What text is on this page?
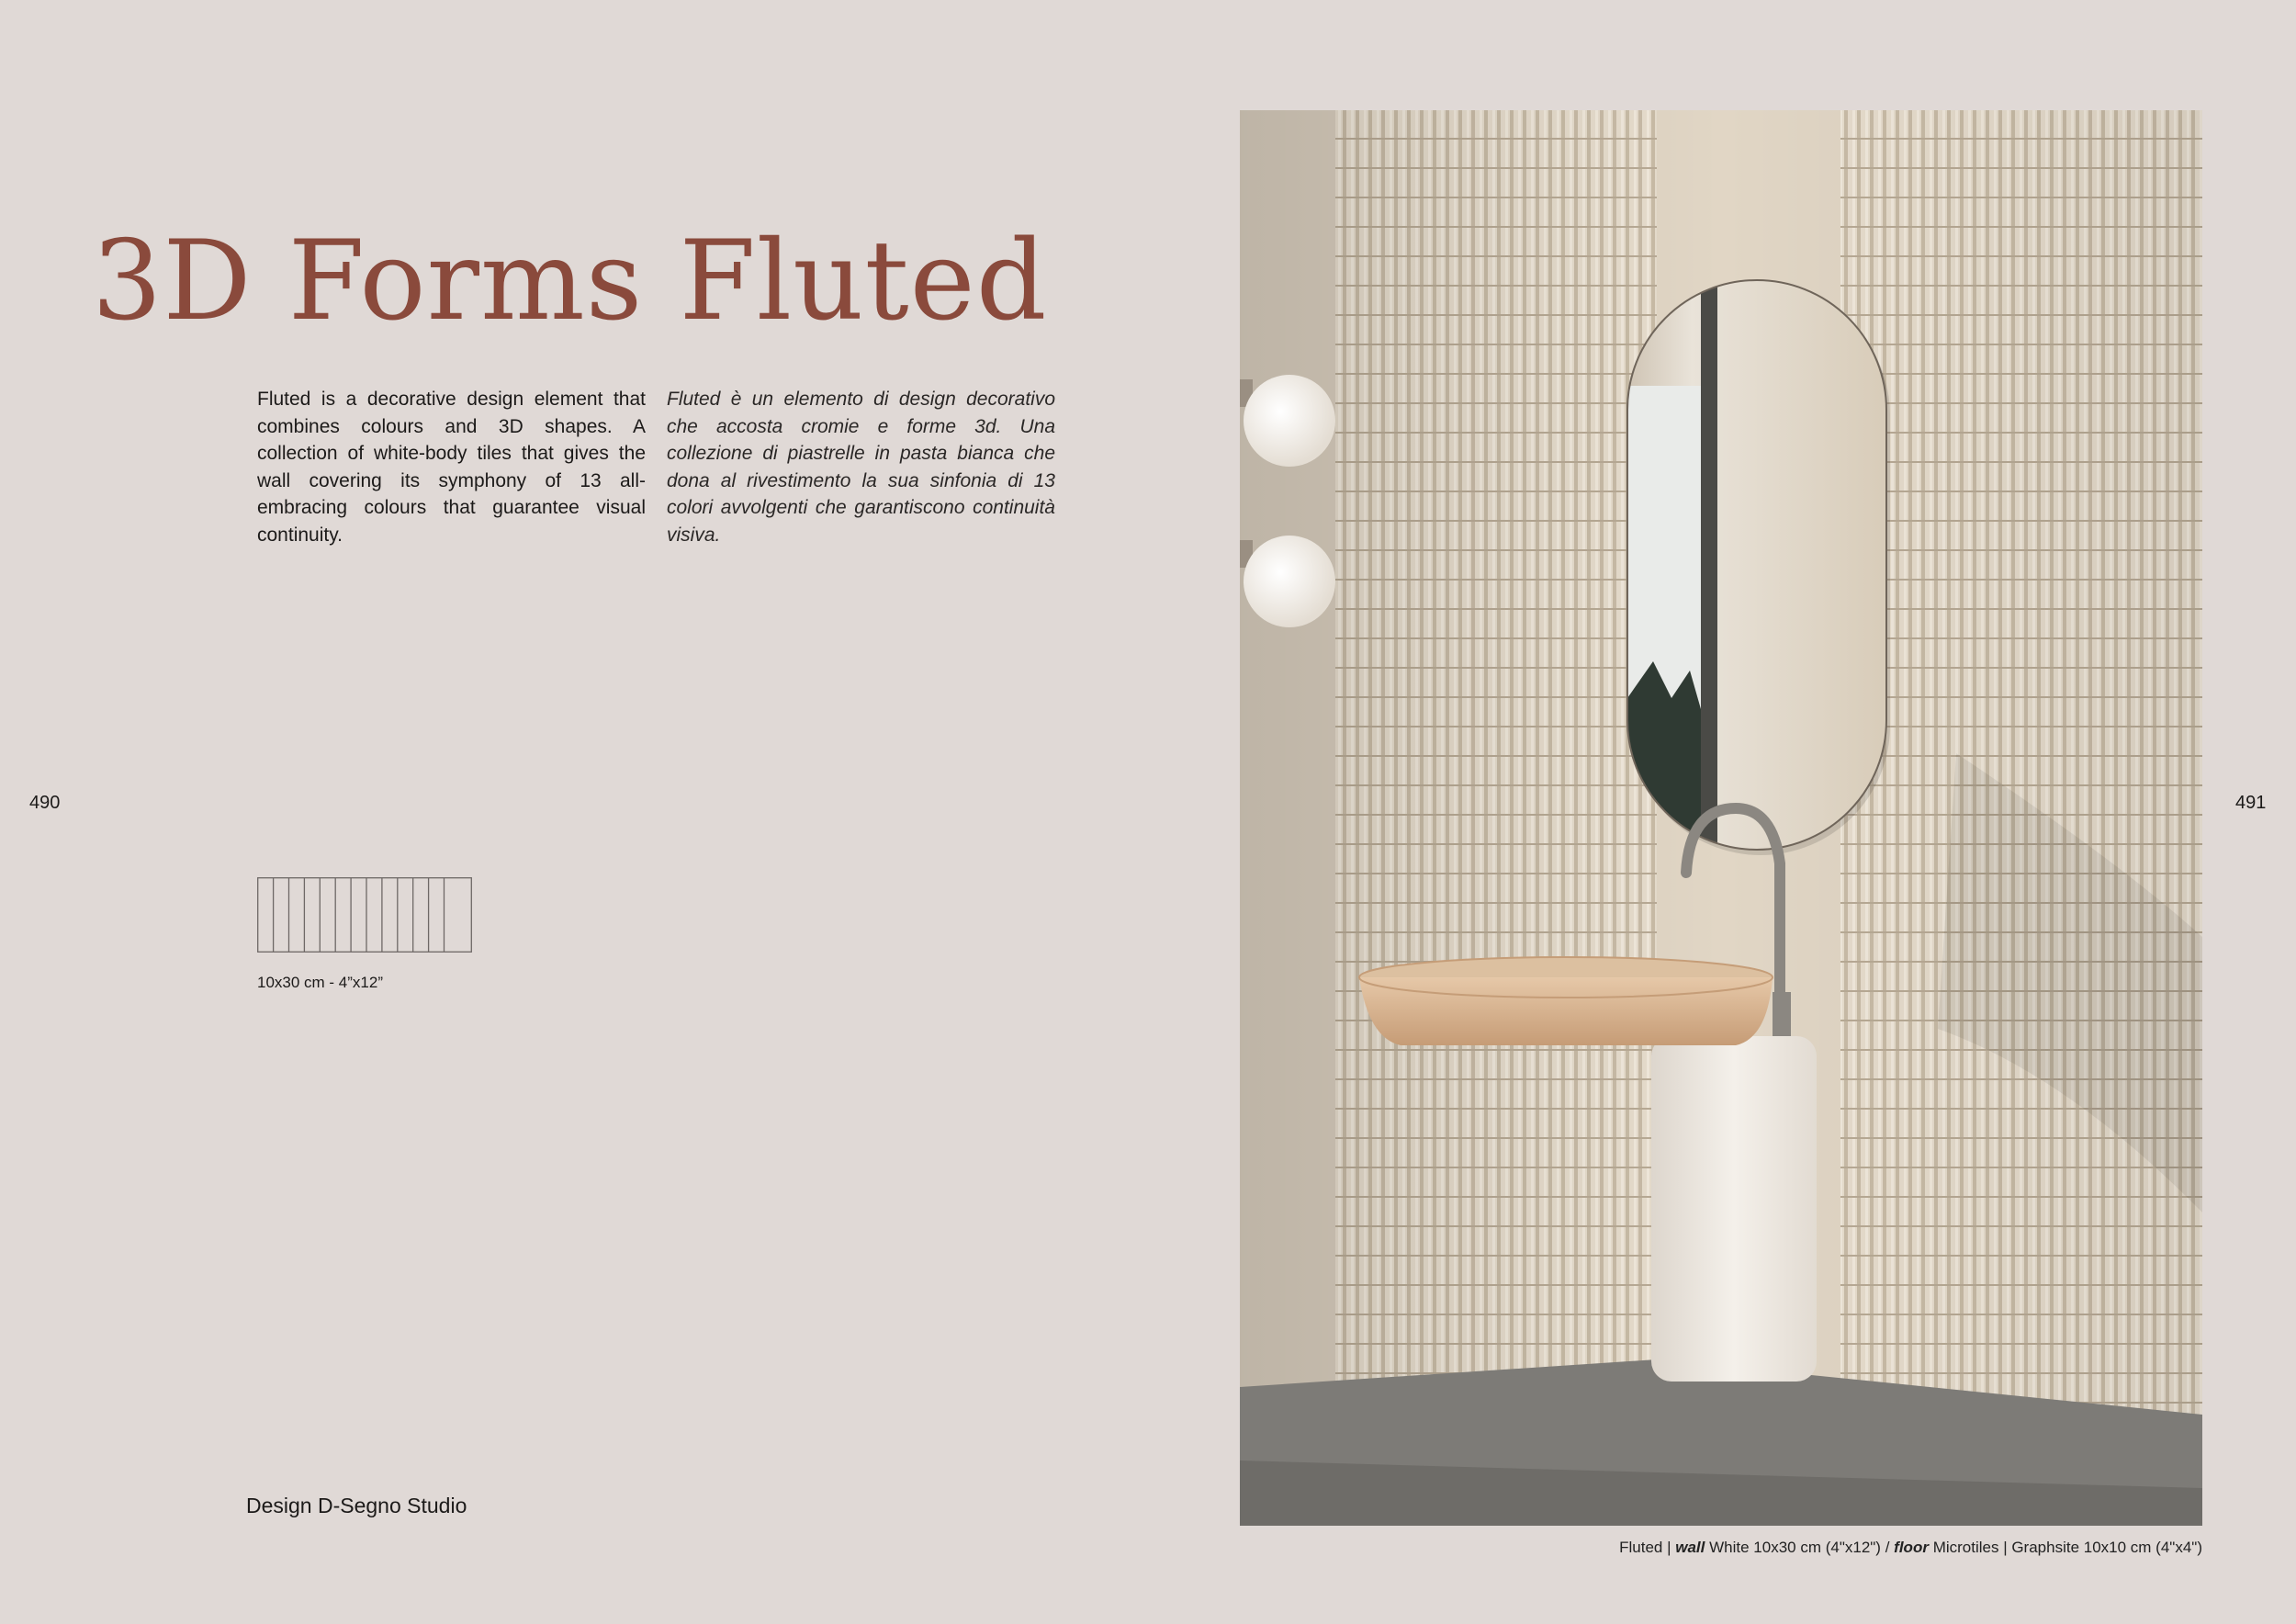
3D Forms Fluted

Fluted is a decorative design element that combines colours and 3D shapes. A collection of white-body tiles that gives the wall covering its symphony of 13 all-embracing colours that guarantee visual continuity.

Fluted è un elemento di design decorativo che accosta cromie e forme 3d. Una collezione di piastrelle in pasta bianca che dona al rivestimento la sua sinfonia di 13 colori avvolgenti che garantiscono continuità visiva.

490	491
10x30 cm - 4”x12”
Design D-Segno Studio
Fluted | wall White 10x30 cm (4"x12") / floor Microtiles | Graphsite 10x10 cm (4"x4")
